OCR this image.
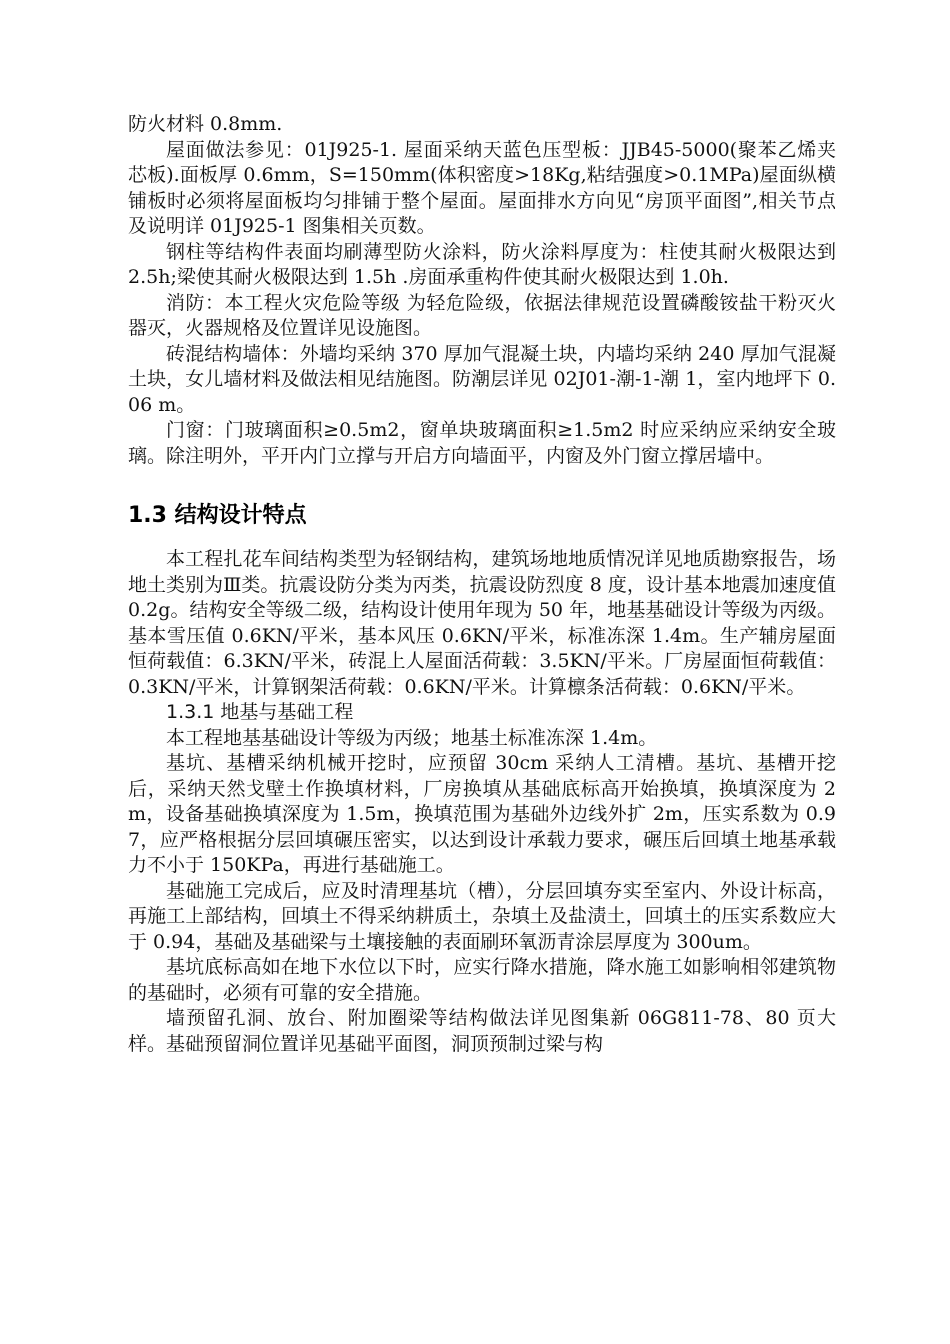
防火材料 0.8mm.

屋面做法参见：01J925-1. 屋面采纳天蓝色压型板：JJB45-5000(聚苯乙烯夹芯板).面板厚 0.6mm，S=150mm(体积密度>18Kg,粘结强度>0.1MPa)屋面纵横铺板时必须将屋面板均匀排铺于整个屋面。屋面排水方向见“房顶平面图”,相关节点及说明详 01J925-1 图集相关页数。

钢柱等结构件表面均刷薄型防火涂料，防火涂料厚度为：柱使其耐火极限达到 2.5h;梁使其耐火极限达到 1.5h .房面承重构件使其耐火极限达到 1.0h.

消防：本工程火灾危险等级 为轻危险级，依据法律规范设置磷酸铵盐干粉灭火器灭，火器规格及位置详见设施图。

砖混结构墙体：外墙均采纳 370 厚加气混凝土块，内墙均采纳 240 厚加气混凝土块，女儿墙材料及做法相见结施图。防潮层详见 02J01-潮-1-潮 1，室内地坪下 0.06 m。

门窗：门玻璃面积≥0.5m2，窗单块玻璃面积≥1.5m2 时应采纳应采纳安全玻璃。除注明外，平开内门立撑与开启方向墙面平，内窗及外门窗立撑居墙中。

1.3 结构设计特点

本工程扎花车间结构类型为轻钢结构，建筑场地地质情况详见地质勘察报告，场地土类别为Ⅲ类。抗震设防分类为丙类，抗震设防烈度 8 度，设计基本地震加速度值 0.2g。结构安全等级二级，结构设计使用年现为 50 年，地基基础设计等级为丙级。基本雪压值 0.6KN/平米，基本风压 0.6KN/平米，标准冻深 1.4m。生产辅房屋面恒荷载值：6.3KN/平米，砖混上人屋面活荷载：3.5KN/平米。厂房屋面恒荷载值：0.3KN/平米，计算钢架活荷载：0.6KN/平米。计算檩条活荷载：0.6KN/平米。

1.3.1 地基与基础工程

本工程地基基础设计等级为丙级；地基土标准冻深 1.4m。

基坑、基槽采纳机械开挖时，应预留 30cm 采纳人工清槽。基坑、基槽开挖后，采纳天然戈壁土作换填材料，厂房换填从基础底标高开始换填，换填深度为 2m，设备基础换填深度为 1.5m，换填范围为基础外边线外扩 2m，压实系数为 0.97，应严格根据分层回填碾压密实，以达到设计承载力要求，碾压后回填土地基承载力不小于 150KPa，再进行基础施工。

基础施工完成后，应及时清理基坑（槽），分层回填夯实至室内、外设计标高，再施工上部结构，回填土不得采纳耕质土，杂填土及盐渍土，回填土的压实系数应大于 0.94，基础及基础梁与土壤接触的表面刷环氧沥青涂层厚度为 300um。

基坑底标高如在地下水位以下时，应实行降水措施，降水施工如影响相邻建筑物的基础时，必须有可靠的安全措施。

墙预留孔洞、放台、附加圈梁等结构做法详见图集新 06G811-78、80 页大样。基础预留洞位置详见基础平面图，洞顶预制过梁与构
